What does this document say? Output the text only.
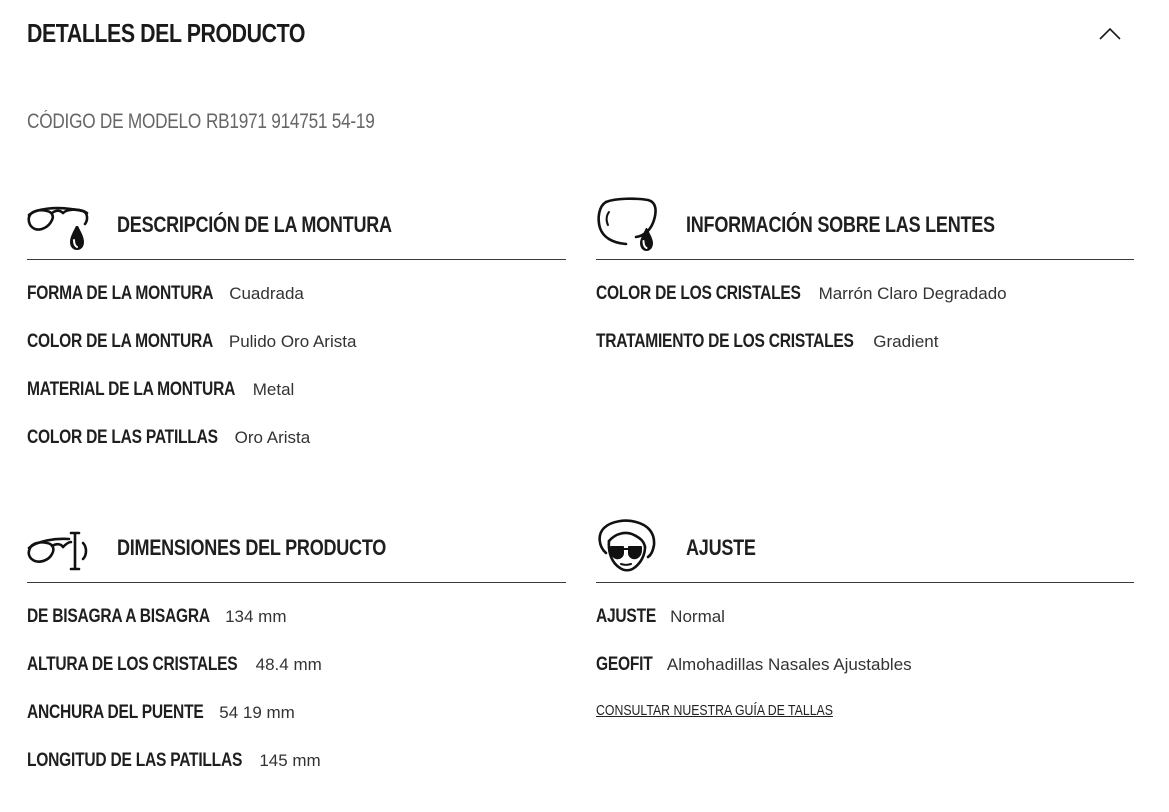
DETALLES DEL PRODUCTO
CÓDIGO DE MODELO RB1971 914751 54-19
DESCRIPCIÓN DE LA MONTURA
FORMA DE LA MONTURA Cuadrada
COLOR DE LA MONTURA Pulido Oro Arista
MATERIAL DE LA MONTURA Metal
COLOR DE LAS PATILLAS Oro Arista
INFORMACIÓN SOBRE LAS LENTES
COLOR DE LOS CRISTALES Marrón Claro Degradado
TRATAMIENTO DE LOS CRISTALES Gradient
DIMENSIONES DEL PRODUCTO
DE BISAGRA A BISAGRA 134 mm
ALTURA DE LOS CRISTALES 48.4 mm
ANCHURA DEL PUENTE 54 19 mm
LONGITUD DE LAS PATILLAS 145 mm
AJUSTE
AJUSTE Normal
GEOFIT Almohadillas Nasales Ajustables
CONSULTAR NUESTRA GUÍA DE TALLAS
